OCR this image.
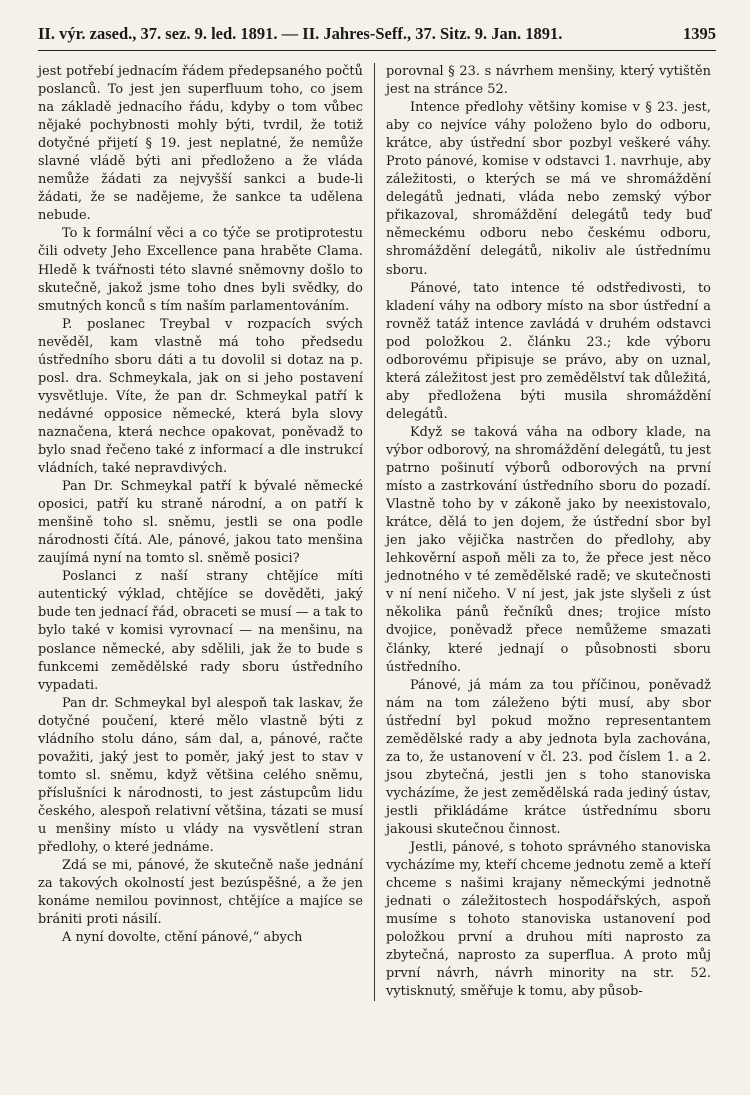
II. výr. zased., 37. sez. 9. led. 1891. — II. Jahres-Seff., 37. Sitz. 9. Jan. 1891.	1395

jest potřebí jednacím řádem předepsaného počtů poslanců. To jest jen superfluum toho, co jsem na základě jednacího řádu, kdyby o tom vůbec nějaké pochybnosti mohly býti, tvrdil, že totiž dotyčné přijetí § 19. jest neplatné, že nemůže slavné vládě býti ani předloženo a že vláda nemůže žádati za nejvyšší sankci a bude-li žádati, že se nadějeme, že sankce ta udělena nebude.

To k formální věci a co týče se protiprotestu čili odvety Jeho Excellence pana hraběte Clama. Hledě k tvářnosti této slavné sněmovny došlo to skutečně, jakož jsme toho dnes byli svědky, do smutných konců s tím naším parlamentováním.

P. poslanec Treybal v rozpacích svých nevěděl, kam vlastně má toho předsedu ústředního sboru dáti a tu dovolil si dotaz na p. posl. dra. Schmeykala, jak on si jeho postavení vysvětluje. Víte, že pan dr. Schmeykal patří k nedávné opposice německé, která byla slovy naznačena, která nechce opakovat, poněvadž to bylo snad řečeno také z informací a dle instrukcí vládních, také nepravdivých.

Pan Dr. Schmeykal patří k bývalé německé oposici, patří ku straně národní, a on patří k menšině toho sl. sněmu, jestli se ona podle národnosti čítá. Ale, pánové, jakou tato menšina zaujímá nyní na tomto sl. sněmě posici?

Poslanci z naší strany chtějíce míti autentický výklad, chtějíce se dověděti, jaký bude ten jednací řád, obraceti se musí — a tak to bylo také v komisi vyrovnací — na menšinu, na poslance německé, aby sdělili, jak že to bude s funkcemi zemědělské rady sboru ústředního vypadati.

Pan dr. Schmeykal byl alespoň tak laskav, že dotyčné poučení, které mělo vlastně býti z vládního stolu dáno, sám dal, a, pánové, račte považiti, jaký jest to poměr, jaký jest to stav v tomto sl. sněmu, když většina celého sněmu, příslušníci k národnosti, to jest zástupcům lidu českého, alespoň relativní většina, tázati se musí u menšiny místo u vlády na vysvětlení stran předlohy, o které jednáme.

Zdá se mi, pánové, že skutečně naše jednání za takových okolností jest bezúspěšné, a že jen konáme nemilou povinnost, chtějíce a majíce se brániti proti násilí.

A nyní dovolte, ctění pánové,“ abych

porovnal § 23. s návrhem menšiny, který vytištěn jest na stránce 52.

Intence předlohy většiny komise v § 23. jest, aby co nejvíce váhy položeno bylo do odboru, krátce, aby ústřední sbor pozbyl veškeré váhy. Proto pánové, komise v odstavci 1. navrhuje, aby záležitosti, o kterých se má ve shromáždění delegátů jednati, vláda nebo zemský výbor přikazoval, shromáždění delegátů tedy buď německému odboru nebo českému odboru, shromáždění delegátů, nikoliv ale ústřednímu sboru.

Pánové, tato intence té odstředivosti, to kladení váhy na odbory místo na sbor ústřední a rovněž tatáž intence zavládá v druhém odstavci pod položkou 2. článku 23.; kde výboru odborovému připisuje se právo, aby on uznal, která záležitost jest pro zemědělství tak důležitá, aby předložena býti musila shromáždění delegátů.

Když se taková váha na odbory klade, na výbor odborový, na shromáždění delegátů, tu jest patrno pošinutí výborů odborových na první místo a zastrkování ústředního sboru do pozadí. Vlastně toho by v zákoně jako by neexistovalo, krátce, dělá to jen dojem, že ústřední sbor byl jen jako vějička nastrčen do předlohy, aby lehkověrní aspoň měli za to, že přece jest něco jednotného v té zemědělské radě; ve skutečnosti v ní není ničeho. V ní jest, jak jste slyšeli z úst několika pánů řečníků dnes; trojice místo dvojice, poněvadž přece nemůžeme smazati články, které jednají o působnosti sboru ústředního.

Pánové, já mám za tou příčinou, poněvadž nám na tom záleženo býti musí, aby sbor ústřední byl pokud možno representantem zemědělské rady a aby jednota byla zachována, za to, že ustanovení v čl. 23. pod číslem 1. a 2. jsou zbytečná, jestli jen s toho stanoviska vycházíme, že jest zemědělská rada jediný ústav, jestli přikládáme krátce ústřednímu sboru jakousi skutečnou činnost.

Jestli, pánové, s tohoto správného stanoviska vycházíme my, kteří chceme jednotu země a kteří chceme s našimi krajany německými jednotně jednati o záležitostech hospodářských, aspoň musíme s tohoto stanoviska ustanovení pod položkou první a druhou míti naprosto za zbytečná, naprosto za superflua. A proto můj první návrh, návrh minority na str. 52. vytisknutý, směřuje k tomu, aby působ-
